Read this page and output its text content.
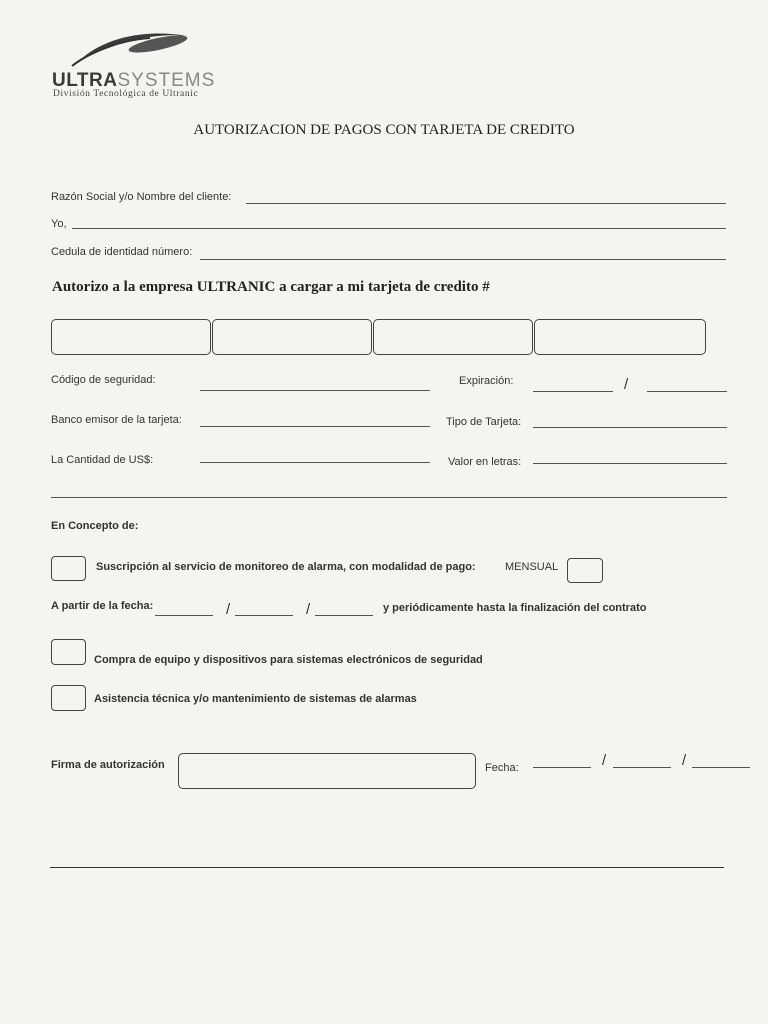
ULTRASYSTEMS
División Tecnológica de Ultranic
AUTORIZACION DE PAGOS CON TARJETA DE CREDITO
Razón Social y/o Nombre del cliente:
Yo,
Cedula de identidad número:
Autorizo a la empresa ULTRANIC a cargar a mi tarjeta de credito #
Código de seguridad:	Expiración:	/
Banco emisor de la tarjeta:	Tipo de Tarjeta:
La Cantidad de US$:	Valor en letras:
En Concepto de:
Suscripción al servicio de monitoreo de alarma, con modalidad de pago:	MENSUAL
A partir de la fecha:	/	/	y periódicamente hasta la finalización del contrato
Compra de equipo y dispositivos para sistemas electrónicos de seguridad
Asistencia técnica y/o mantenimiento de sistemas de alarmas
Firma de autorización	Fecha:	/	/
